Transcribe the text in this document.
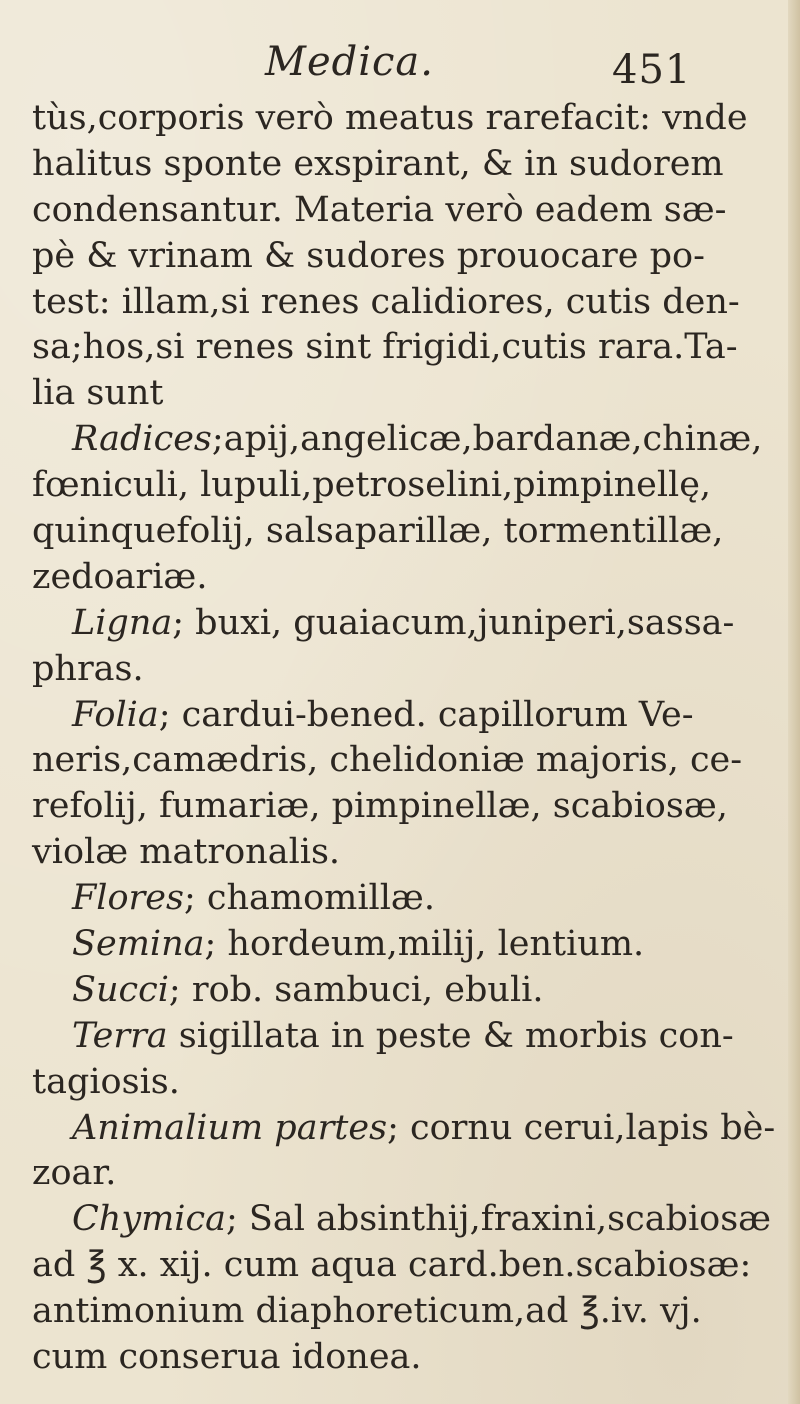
Medica.	451
tùs,corporis verò meatus rarefacit: vnde
halitus sponte exspirant, & in sudorem
condensantur. Materia verò eadem sæ-
pè & vrinam & sudores prouocare po-
test: illam,si renes calidiores, cutis den-
sa;hos,si renes sint frigidi,cutis rara.Ta-
lia sunt
Radices;apij,angelicæ,bardanæ,chinæ,
fœniculi, lupuli,petroselini,pimpinellę,
quinquefolij, salsaparillæ, tormentillæ,
zedoariæ.
Ligna; buxi, guaiacum,juniperi,sassa-
phras.
Folia; cardui-bened. capillorum Ve-
neris,camædris, chelidoniæ majoris, ce-
refolij, fumariæ, pimpinellæ, scabiosæ,
violæ matronalis.
Flores; chamomillæ.
Semina; hordeum,milij, lentium.
Succi; rob. sambuci, ebuli.
Terra sigillata in peste & morbis con-
tagiosis.
Animalium partes; cornu cerui,lapis bè-
zoar.
Chymica; Sal absinthij,fraxini,scabiosæ
ad ℥ x. xij. cum aqua card.ben.scabiosæ:
antimonium diaphoreticum,ad ℥.iv. vj.
cum conserua idonea.
